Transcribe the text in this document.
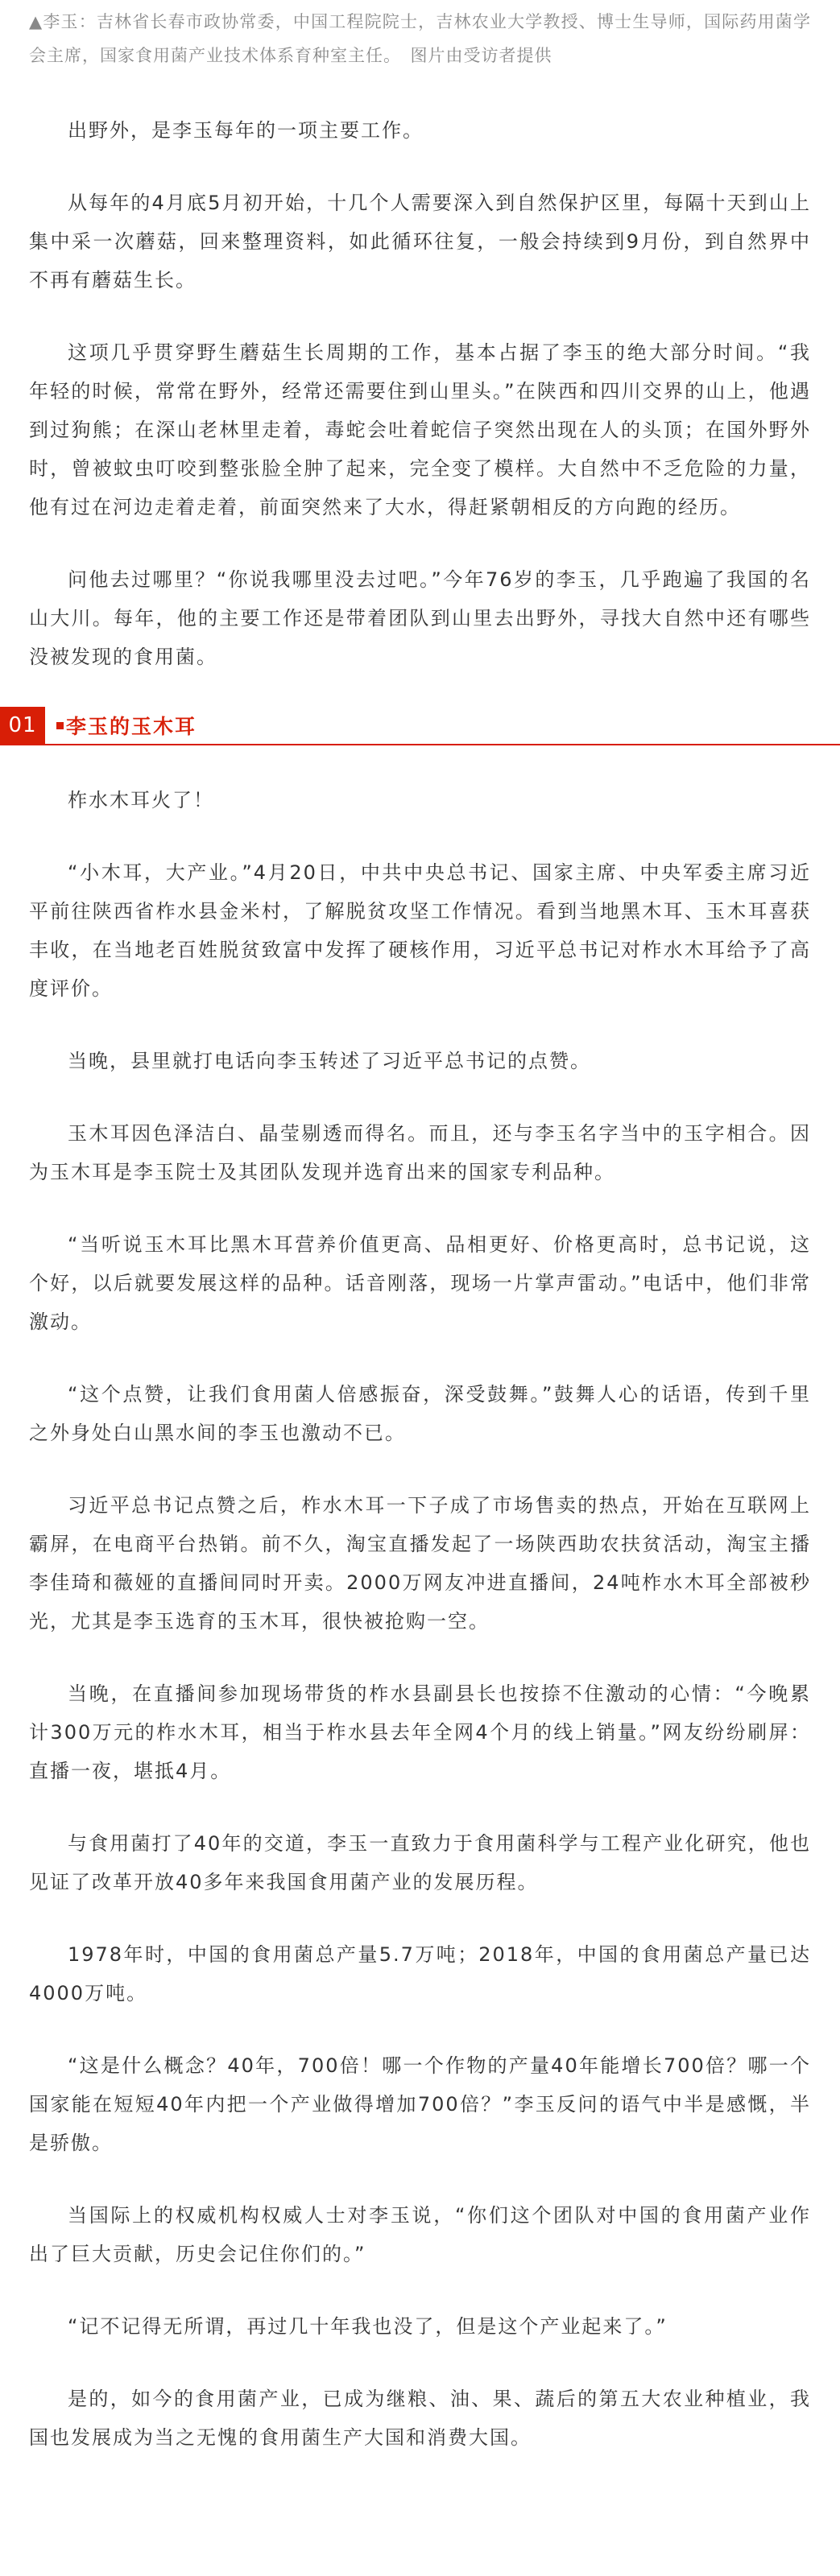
▲李玉：吉林省长春市政协常委，中国工程院院士，吉林农业大学教授、博士生导师，国际药用菌学会主席，国家食用菌产业技术体系育种室主任。　图片由受访者提供

出野外，是李玉每年的一项主要工作。

从每年的4月底5月初开始，十几个人需要深入到自然保护区里，每隔十天到山上集中采一次蘑菇，回来整理资料，如此循环往复，一般会持续到9月份，到自然界中不再有蘑菇生长。

这项几乎贯穿野生蘑菇生长周期的工作，基本占据了李玉的绝大部分时间。“我年轻的时候，常常在野外，经常还需要住到山里头。”在陕西和四川交界的山上，他遇到过狗熊；在深山老林里走着，毒蛇会吐着蛇信子突然出现在人的头顶；在国外野外时，曾被蚊虫叮咬到整张脸全肿了起来，完全变了模样。大自然中不乏危险的力量，他有过在河边走着走着，前面突然来了大水，得赶紧朝相反的方向跑的经历。

问他去过哪里？“你说我哪里没去过吧。”今年76岁的李玉，几乎跑遍了我国的名山大川。每年，他的主要工作还是带着团队到山里去出野外，寻找大自然中还有哪些没被发现的食用菌。

01	李玉的玉木耳

柞水木耳火了！

“小木耳，大产业。”4月20日，中共中央总书记、国家主席、中央军委主席习近平前往陕西省柞水县金米村，了解脱贫攻坚工作情况。看到当地黑木耳、玉木耳喜获丰收，在当地老百姓脱贫致富中发挥了硬核作用，习近平总书记对柞水木耳给予了高度评价。

当晚，县里就打电话向李玉转述了习近平总书记的点赞。

玉木耳因色泽洁白、晶莹剔透而得名。而且，还与李玉名字当中的玉字相合。因为玉木耳是李玉院士及其团队发现并选育出来的国家专利品种。

“当听说玉木耳比黑木耳营养价值更高、品相更好、价格更高时，总书记说，这个好，以后就要发展这样的品种。话音刚落，现场一片掌声雷动。”电话中，他们非常激动。

“这个点赞，让我们食用菌人倍感振奋，深受鼓舞。”鼓舞人心的话语，传到千里之外身处白山黑水间的李玉也激动不已。

习近平总书记点赞之后，柞水木耳一下子成了市场售卖的热点，开始在互联网上霸屏，在电商平台热销。前不久，淘宝直播发起了一场陕西助农扶贫活动，淘宝主播李佳琦和薇娅的直播间同时开卖。2000万网友冲进直播间，24吨柞水木耳全部被秒光，尤其是李玉选育的玉木耳，很快被抢购一空。

当晚，在直播间参加现场带货的柞水县副县长也按捺不住激动的心情：“今晚累计300万元的柞水木耳，相当于柞水县去年全网4个月的线上销量。”网友纷纷刷屏：直播一夜，堪抵4月。

与食用菌打了40年的交道，李玉一直致力于食用菌科学与工程产业化研究，他也见证了改革开放40多年来我国食用菌产业的发展历程。

1978年时，中国的食用菌总产量5.7万吨；2018年，中国的食用菌总产量已达4000万吨。

“这是什么概念？40年，700倍！哪一个作物的产量40年能增长700倍？哪一个国家能在短短40年内把一个产业做得增加700倍？”李玉反问的语气中半是感慨，半是骄傲。

当国际上的权威机构权威人士对李玉说，“你们这个团队对中国的食用菌产业作出了巨大贡献，历史会记住你们的。”

“记不记得无所谓，再过几十年我也没了，但是这个产业起来了。”

是的，如今的食用菌产业，已成为继粮、油、果、蔬后的第五大农业种植业，我国也发展成为当之无愧的食用菌生产大国和消费大国。
